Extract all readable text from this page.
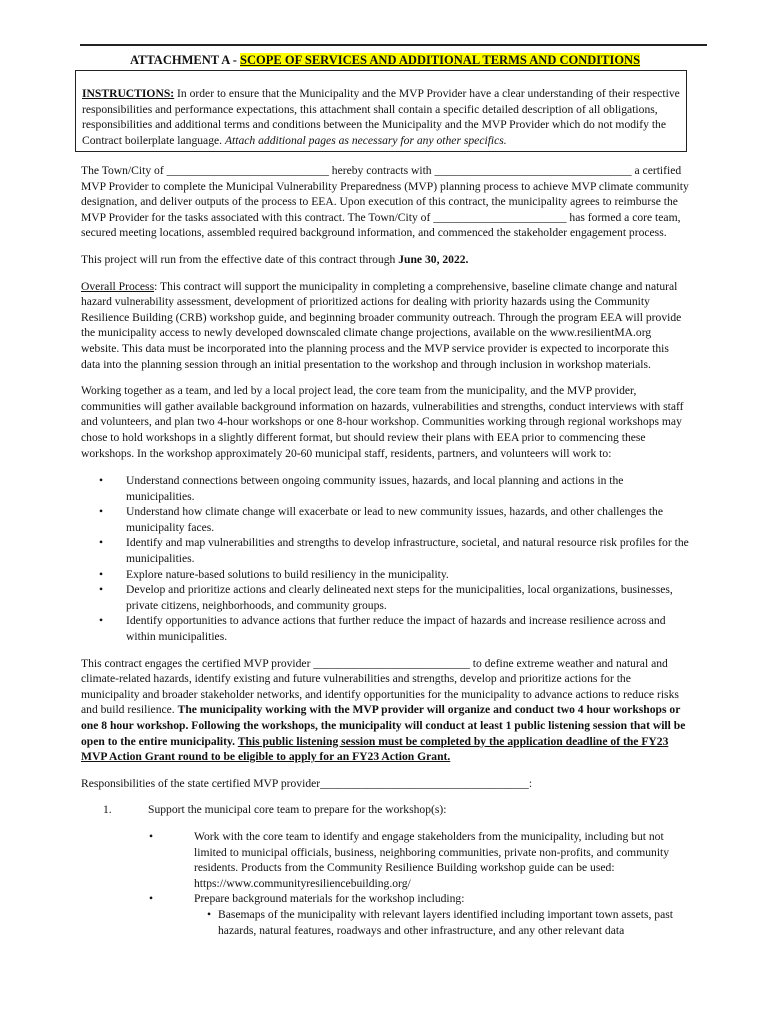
ATTACHMENT A - SCOPE OF SERVICES AND ADDITIONAL TERMS AND CONDITIONS
INSTRUCTIONS: In order to ensure that the Municipality and the MVP Provider have a clear understanding of their respective responsibilities and performance expectations, this attachment shall contain a specific detailed description of all obligations, responsibilities and additional terms and conditions between the Municipality and the MVP Provider which do not modify the Contract boilerplate language. Attach additional pages as necessary for any other specifics.

The Town/City of ____________________________ hereby contracts with __________________________________ a certified MVP Provider to complete the Municipal Vulnerability Preparedness (MVP) planning process to achieve MVP climate community designation, and deliver outputs of the process to EEA. Upon execution of this contract, the municipality agrees to reimburse the MVP Provider for the tasks associated with this contract. The Town/City of _______________________ has formed a core team, secured meeting locations, assembled required background information, and commenced the stakeholder engagement process.

This project will run from the effective date of this contract through June 30, 2022.

Overall Process: This contract will support the municipality in completing a comprehensive, baseline climate change and natural hazard vulnerability assessment, development of prioritized actions for dealing with priority hazards using the Community Resilience Building (CRB) workshop guide, and beginning broader community outreach. Through the program EEA will provide the municipality access to newly developed downscaled climate change projections, available on the www.resilientMA.org website. This data must be incorporated into the planning process and the MVP service provider is expected to incorporate this data into the planning session through an initial presentation to the workshop and through inclusion in workshop materials.

Working together as a team, and led by a local project lead, the core team from the municipality, and the MVP provider, communities will gather available background information on hazards, vulnerabilities and strengths, conduct interviews with staff and volunteers, and plan two 4-hour workshops or one 8-hour workshop. Communities working through regional workshops may chose to hold workshops in a slightly different format, but should review their plans with EEA prior to commencing these workshops. In the workshop approximately 20-60 municipal staff, residents, partners, and volunteers will work to:

• Understand connections between ongoing community issues, hazards, and local planning and actions in the municipalities.
• Understand how climate change will exacerbate or lead to new community issues, hazards, and other challenges the municipality faces.
• Identify and map vulnerabilities and strengths to develop infrastructure, societal, and natural resource risk profiles for the municipalities.
• Explore nature-based solutions to build resiliency in the municipality.
• Develop and prioritize actions and clearly delineated next steps for the municipalities, local organizations, businesses, private citizens, neighborhoods, and community groups.
• Identify opportunities to advance actions that further reduce the impact of hazards and increase resilience across and within municipalities.

This contract engages the certified MVP provider ___________________________ to define extreme weather and natural and climate-related hazards, identify existing and future vulnerabilities and strengths, develop and prioritize actions for the municipality and broader stakeholder networks, and identify opportunities for the municipality to advance actions to reduce risks and build resilience. The municipality working with the MVP provider will organize and conduct two 4 hour workshops or one 8 hour workshop. Following the workshops, the municipality will conduct at least 1 public listening session that will be open to the entire municipality. This public listening session must be completed by the application deadline of the FY23 MVP Action Grant round to be eligible to apply for an FY23 Action Grant.

Responsibilities of the state certified MVP provider____________________________________:

1.	Support the municipal core team to prepare for the workshop(s):

• Work with the core team to identify and engage stakeholders from the municipality, including but not limited to municipal officials, business, neighboring communities, private non-profits, and community residents. Products from the Community Resilience Building workshop guide can be used: https://www.communityresiliencebuilding.org/
• Prepare background materials for the workshop including:
• Basemaps of the municipality with relevant layers identified including important town assets, past hazards, natural features, roadways and other infrastructure, and any other relevant data
